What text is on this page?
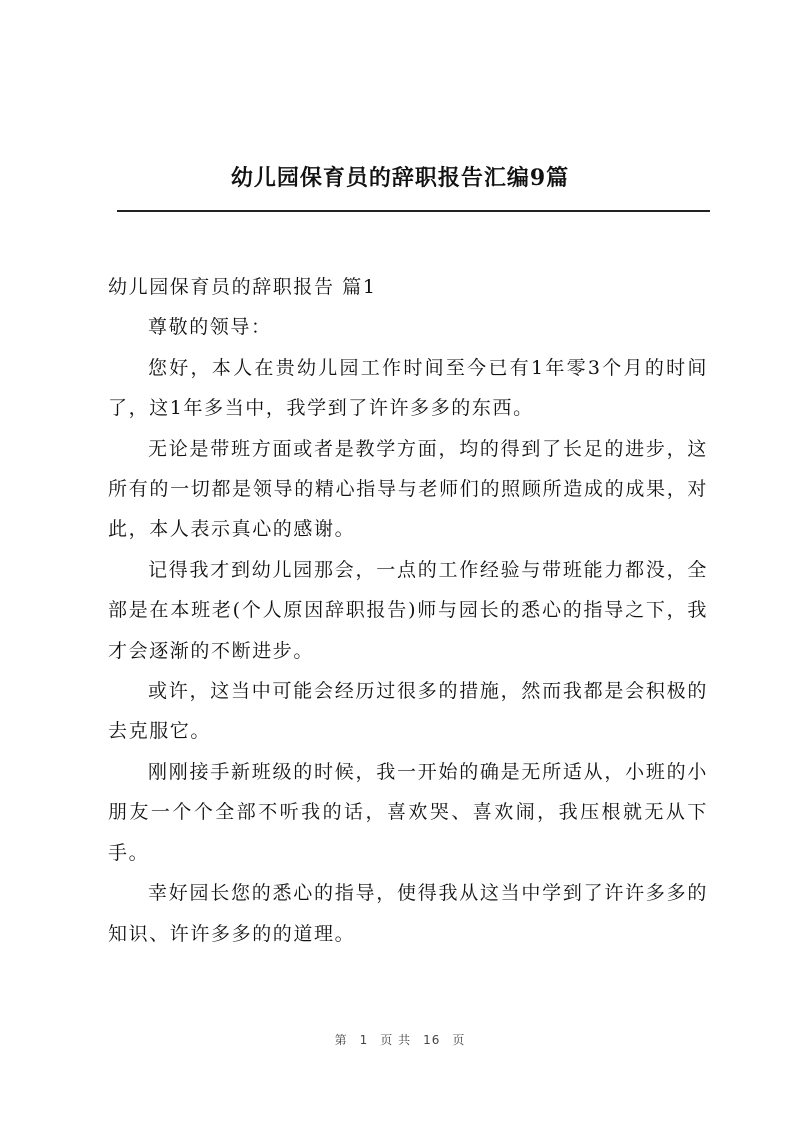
幼儿园保育员的辞职报告汇编9篇

幼儿园保育员的辞职报告 篇1

尊敬的领导：

您好，本人在贵幼儿园工作时间至今已有1年零3个月的时间了，这1年多当中，我学到了许许多多的东西。

无论是带班方面或者是教学方面，均的得到了长足的进步，这所有的一切都是领导的精心指导与老师们的照顾所造成的成果，对此，本人表示真心的感谢。

记得我才到幼儿园那会，一点的工作经验与带班能力都没，全部是在本班老(个人原因辞职报告)师与园长的悉心的指导之下，我才会逐渐的不断进步。

或许，这当中可能会经历过很多的措施，然而我都是会积极的去克服它。

刚刚接手新班级的时候，我一开始的确是无所适从，小班的小朋友一个个全部不听我的话，喜欢哭、喜欢闹，我压根就无从下手。

幸好园长您的悉心的指导，使得我从这当中学到了许许多多的知识、许许多多的的道理。

第 1 页 共 16 页
